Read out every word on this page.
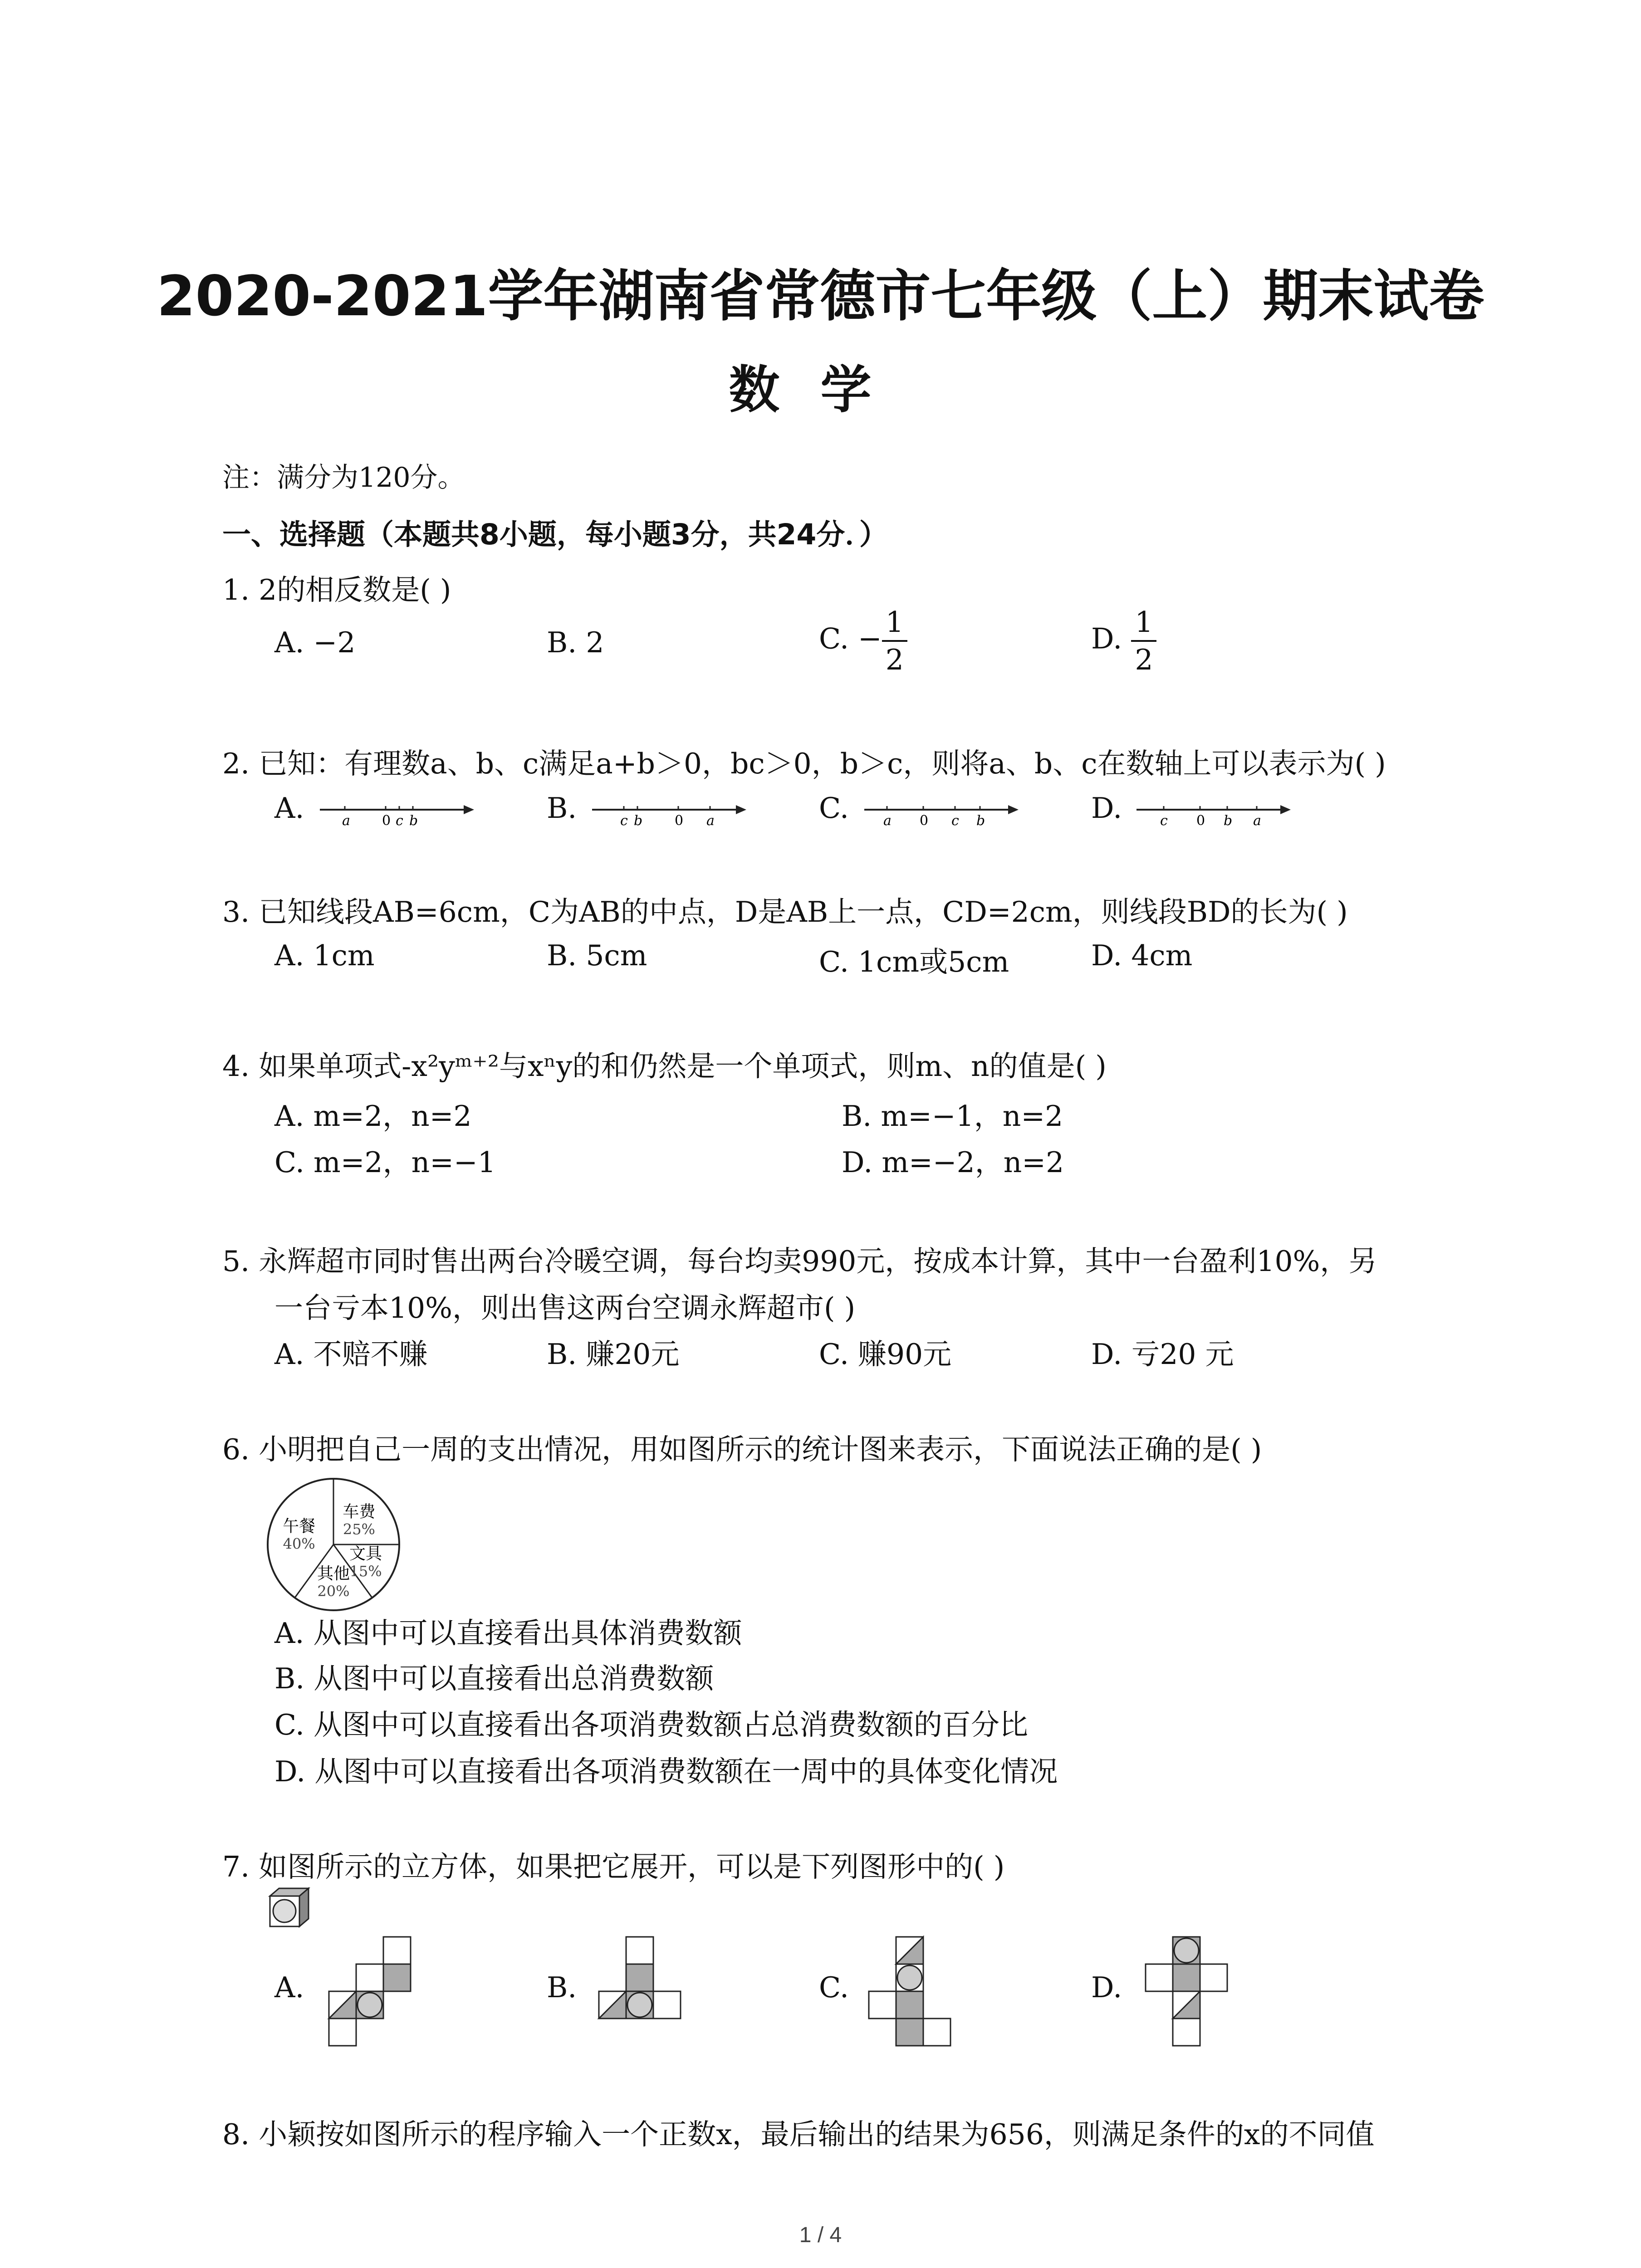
2020-2021学年湖南省常德市七年级（上）期末试卷
数学
注：满分为120分。
一、选择题（本题共8小题，每小题3分，共24分．）
1. 2的相反数是( )
A. −2	B. 2	C. − $\frac{1}{2}$	D. $\frac{1}{2}$
2. 已知：有理数a、b、c满足a+b＞0，bc＞0，b＞c，则将a、b、c在数轴上可以表示为( )
A.	B.	C.	D.
a 0 c b	c b 0 a	a 0 c b	c 0 b a
3. 已知线段AB=6cm，C为AB的中点，D是AB上一点，CD=2cm，则线段BD的长为( )
A. 1cm	B. 5cm	C. 1cm或5cm	D. 4cm
4. 如果单项式-x²yᵐ⁺²与xⁿy的和仍然是一个单项式，则m、n的值是( )
A. m=2，n=2	B. m=−1，n=2
C. m=2，n=−1	D. m=−2，n=2
5. 永辉超市同时售出两台冷暖空调，每台均卖990元，按成本计算，其中一台盈利10%，另
一台亏本10%，则出售这两台空调永辉超市( )
A. 不赔不赚	B. 赚20元	C. 赚90元	D. 亏20 元
6. 小明把自己一周的支出情况，用如图所示的统计图来表示，下面说法正确的是( )
午餐
40%
车费
25%
文具
15%
其他
20%
A. 从图中可以直接看出具体消费数额
B. 从图中可以直接看出总消费数额
C. 从图中可以直接看出各项消费数额占总消费数额的百分比
D. 从图中可以直接看出各项消费数额在一周中的具体变化情况
7. 如图所示的立方体，如果把它展开，可以是下列图形中的( )
A.	B.	C.	D.
8. 小颖按如图所示的程序输入一个正数x，最后输出的结果为656，则满足条件的x的不同值
1 / 4
